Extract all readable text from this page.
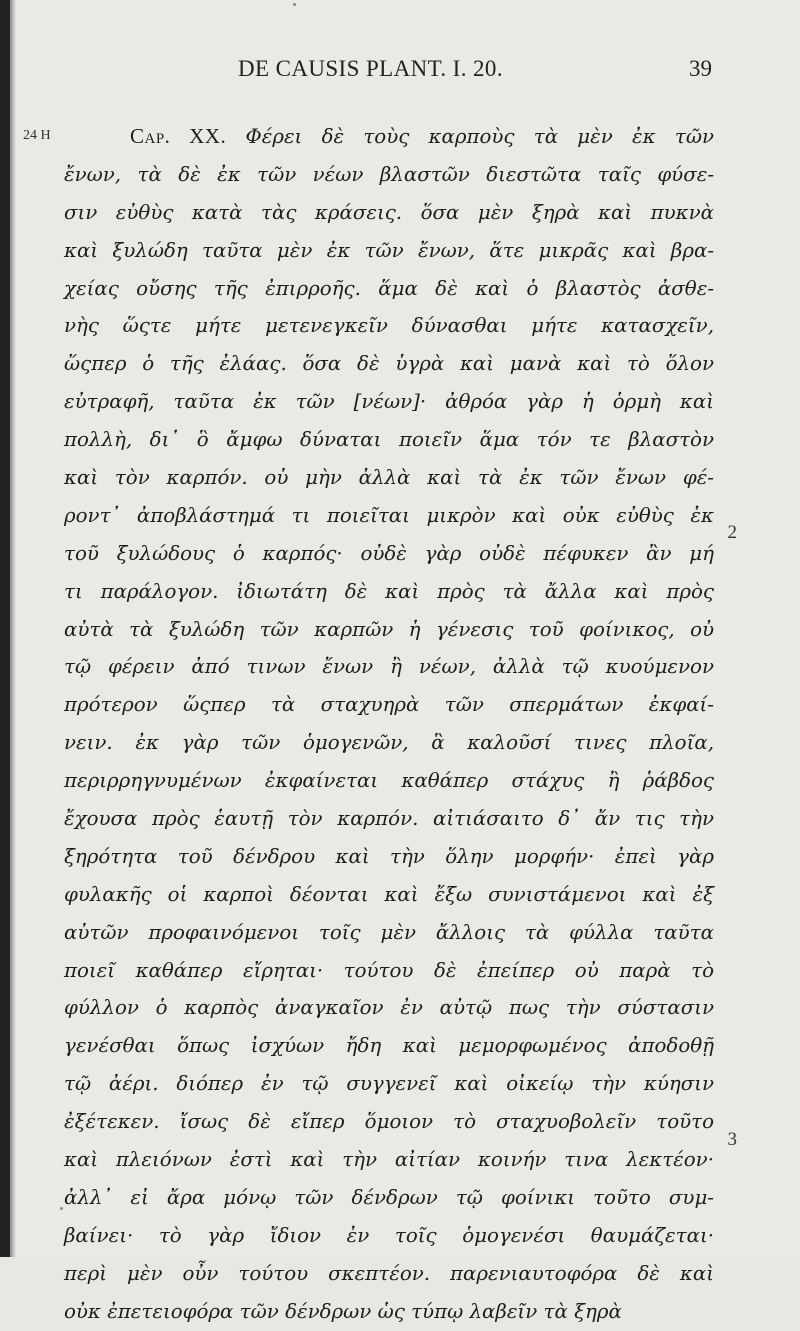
DE CAUSIS PLANT. I. 20.	39
24 H
2
3
Cap. XX. Φέρει δὲ τοὺς καρποὺς τὰ μὲν ἐκ τῶν
ἔνων, τὰ δὲ ἐκ τῶν νέων βλαστῶν διεστῶτα ταῖς φύσε-
σιν εὐθὺς κατὰ τὰς κράσεις. ὅσα μὲν ξηρὰ καὶ πυκνὰ
καὶ ξυλώδη ταῦτα μὲν ἐκ τῶν ἔνων, ἅτε μικρᾶς καὶ βρα-
χείας οὔσης τῆς ἐπιρροῆς. ἅμα δὲ καὶ ὁ βλαστὸς ἀσθε-
νὴς ὥςτε μήτε μετενεγκεῖν δύνασθαι μήτε κατασχεῖν,
ὥςπερ ὁ τῆς ἐλάας. ὅσα δὲ ὑγρὰ καὶ μανὰ καὶ τὸ ὅλον
εὐτραφῆ, ταῦτα ἐκ τῶν [νέων]· ἀθρόα γὰρ ἡ ὁρμὴ καὶ
πολλὴ, δι᾽ ὃ ἄμφω δύναται ποιεῖν ἅμα τόν τε βλαστὸν
καὶ τὸν καρπόν. οὐ μὴν ἀλλὰ καὶ τὰ ἐκ τῶν ἔνων φέ-
ροντ᾽ ἀποβλάστημά τι ποιεῖται μικρὸν καὶ οὐκ εὐθὺς ἐκ
τοῦ ξυλώδους ὁ καρπός· οὐδὲ γὰρ οὐδὲ πέφυκεν ἂν μή
τι παράλογον. ἰδιωτάτη δὲ καὶ πρὸς τὰ ἄλλα καὶ πρὸς
αὐτὰ τὰ ξυλώδη τῶν καρπῶν ἡ γένεσις τοῦ φοίνικος, οὐ
τῷ φέρειν ἀπό τινων ἔνων ἢ νέων, ἀλλὰ τῷ κυούμενον
πρότερον ὥςπερ τὰ σταχυηρὰ τῶν σπερμάτων ἐκφαί-
νειν. ἐκ γὰρ τῶν ὁμογενῶν, ἃ καλοῦσί τινες πλοῖα,
περιρρηγνυμένων ἐκφαίνεται καθάπερ στάχυς ἢ ῥάβδος
ἔχουσα πρὸς ἑαυτῇ τὸν καρπόν. αἰτιάσαιτο δ᾽ ἄν τις τὴν
ξηρότητα τοῦ δένδρου καὶ τὴν ὅλην μορφήν· ἐπεὶ γὰρ
φυλακῆς οἱ καρποὶ δέονται καὶ ἔξω συνιστάμενοι καὶ ἐξ
αὐτῶν προφαινόμενοι τοῖς μὲν ἄλλοις τὰ φύλλα ταῦτα
ποιεῖ καθάπερ εἴρηται· τούτου δὲ ἐπείπερ οὐ παρὰ τὸ
φύλλον ὁ καρπὸς ἀναγκαῖον ἐν αὐτῷ πως τὴν σύστασιν
γενέσθαι ὅπως ἰσχύων ἤδη καὶ μεμορφωμένος ἀποδοθῇ
τῷ ἀέρι. διόπερ ἐν τῷ συγγενεῖ καὶ οἰκείῳ τὴν κύησιν
ἐξέτεκεν. ἴσως δὲ εἴπερ ὅμοιον τὸ σταχυοβολεῖν τοῦτο
καὶ πλειόνων ἐστὶ καὶ τὴν αἰτίαν κοινήν τινα λεκτέον·
ἀλλ᾽ εἰ ἄρα μόνῳ τῶν δένδρων τῷ φοίνικι τοῦτο συμ-
βαίνει· τὸ γὰρ ἴδιον ἐν τοῖς ὁμογενέσι θαυμάζεται·
περὶ μὲν οὖν τούτου σκεπτέον. παρενιαυτοφόρα δὲ καὶ
οὐκ ἐπετειοφόρα τῶν δένδρων ὡς τύπῳ λαβεῖν τὰ ξηρὰ
